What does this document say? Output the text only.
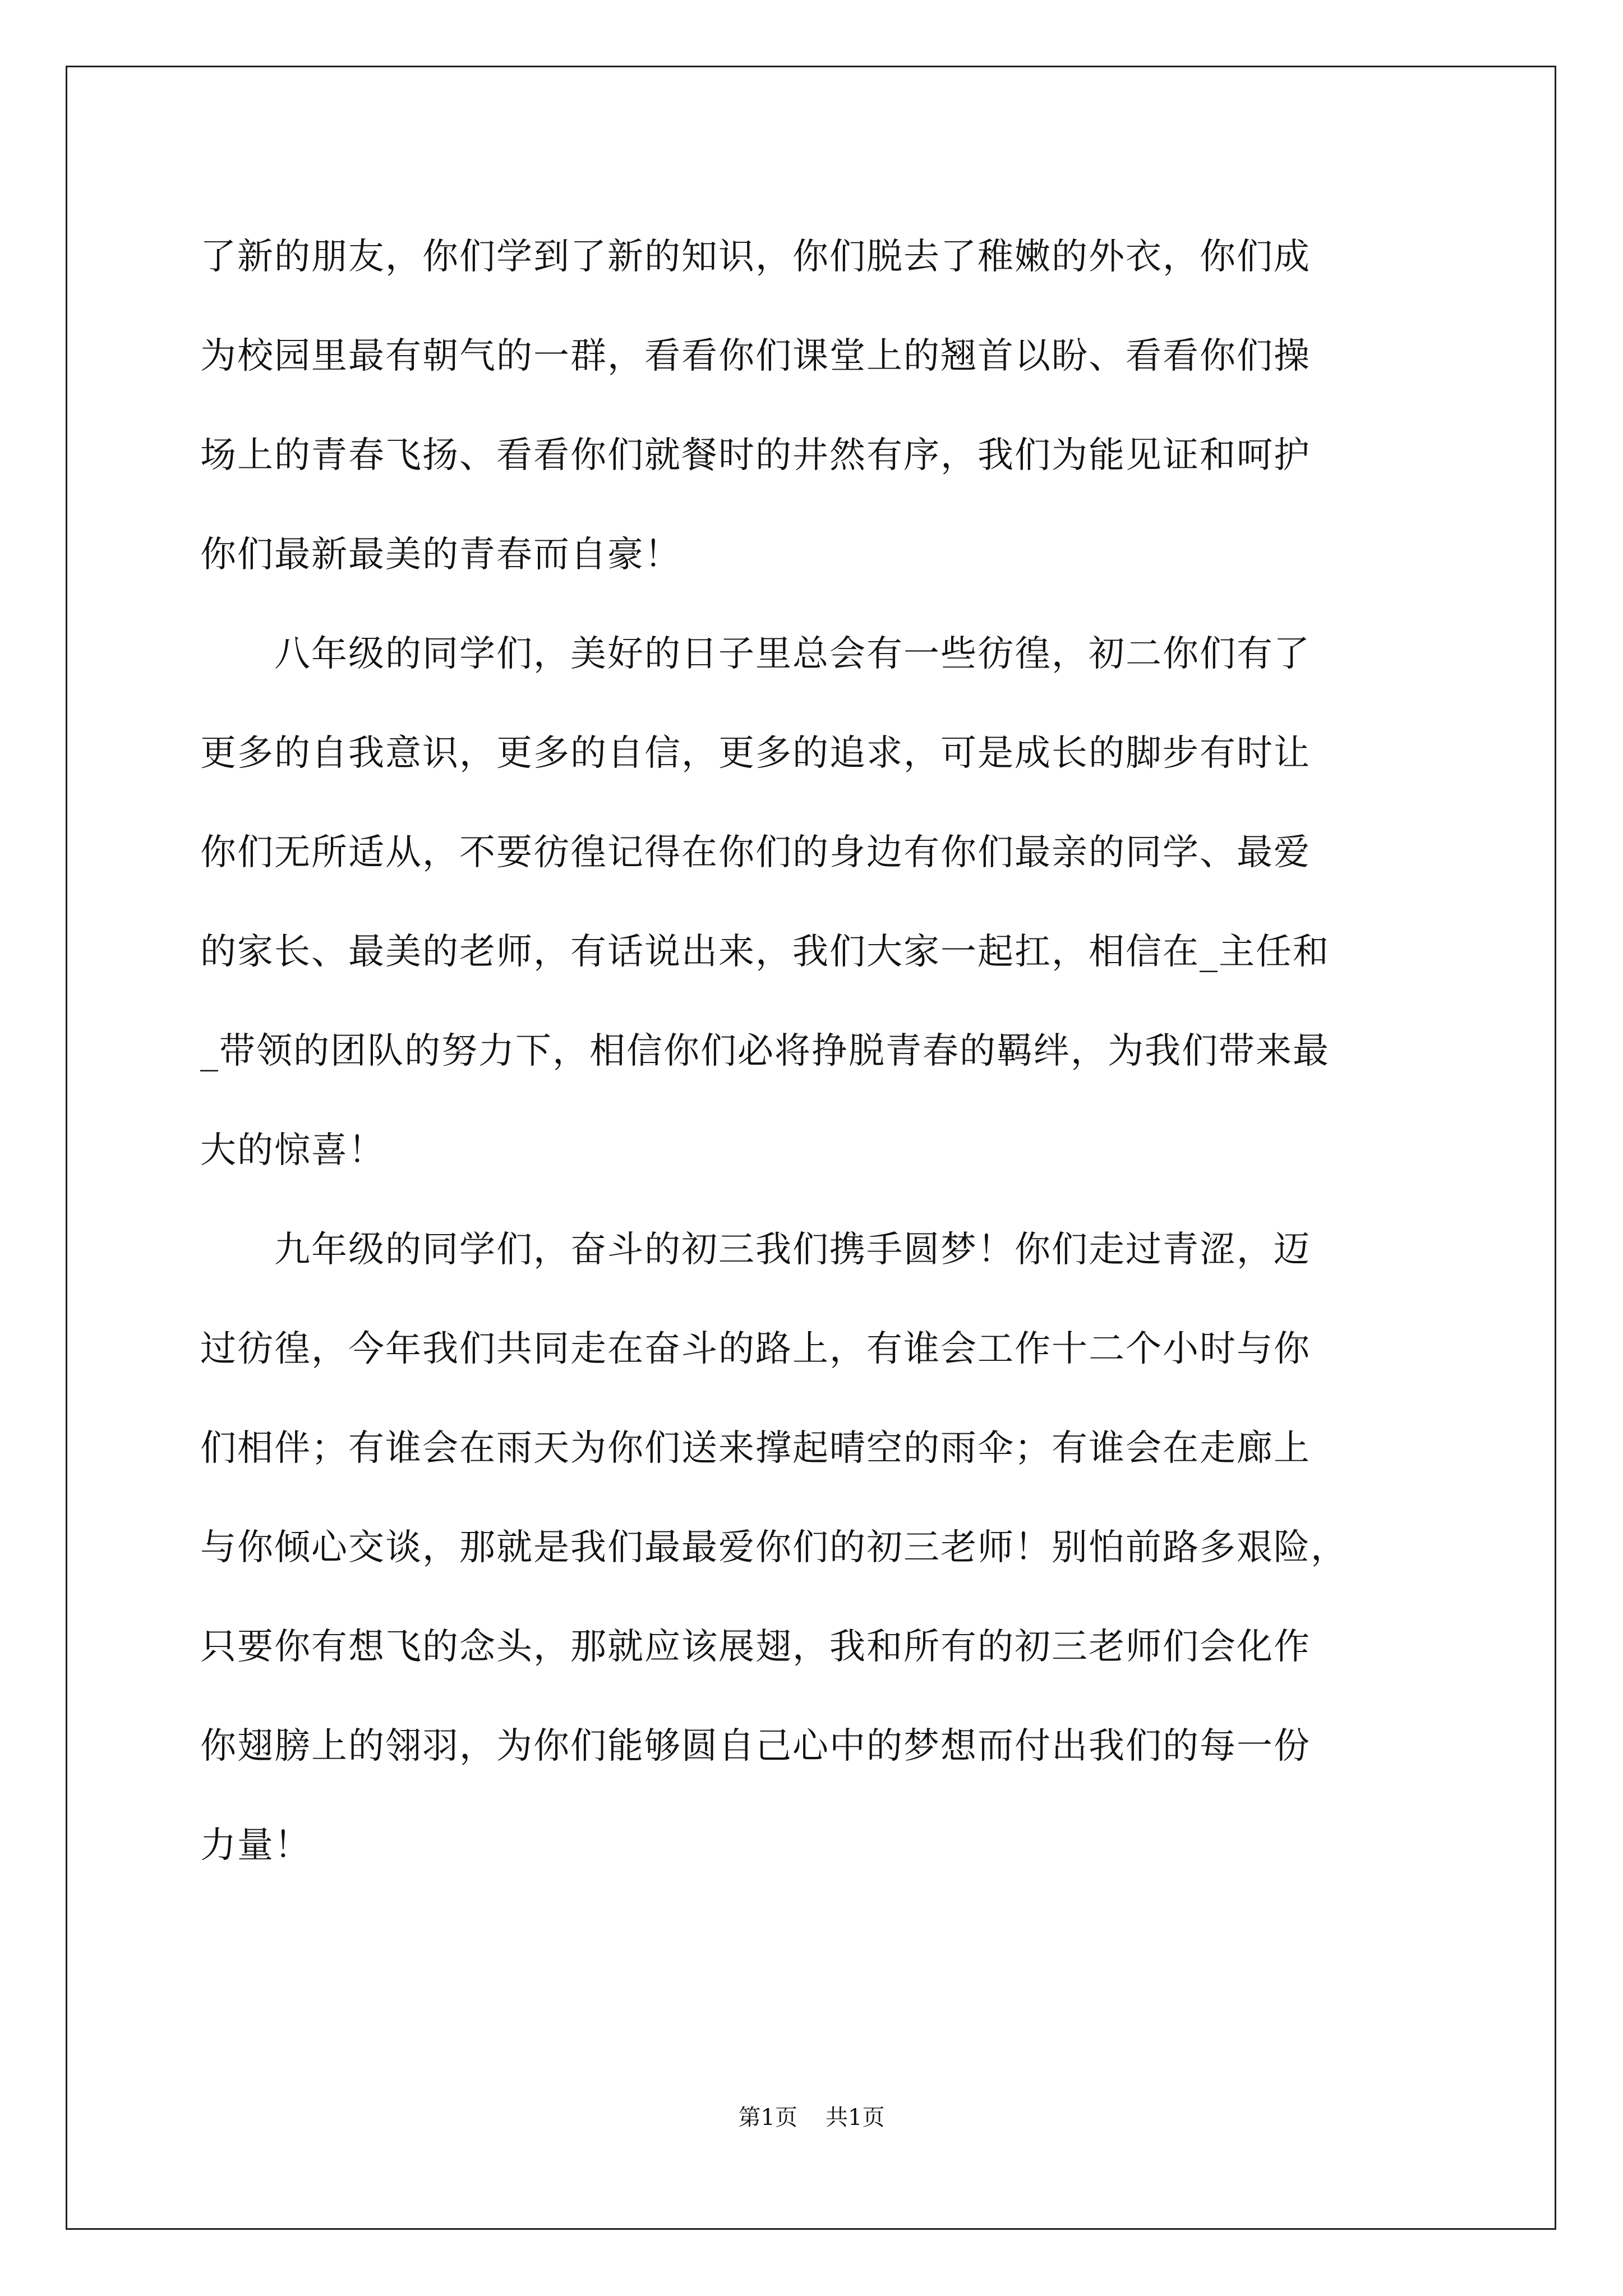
了新的朋友，你们学到了新的知识，你们脱去了稚嫩的外衣，你们成
为校园里最有朝气的一群，看看你们课堂上的翘首以盼、看看你们操
场上的青春飞扬、看看你们就餐时的井然有序，我们为能见证和呵护
你们最新最美的青春而自豪！
　　八年级的同学们，美好的日子里总会有一些彷徨，初二你们有了
更多的自我意识，更多的自信，更多的追求，可是成长的脚步有时让
你们无所适从，不要彷徨记得在你们的身边有你们最亲的同学、最爱
的家长、最美的老师，有话说出来，我们大家一起扛，相信在_主任和
_带领的团队的努力下，相信你们必将挣脱青春的羁绊，为我们带来最
大的惊喜！
　　九年级的同学们，奋斗的初三我们携手圆梦！你们走过青涩，迈
过彷徨，今年我们共同走在奋斗的路上，有谁会工作十二个小时与你
们相伴；有谁会在雨天为你们送来撑起晴空的雨伞；有谁会在走廊上
与你倾心交谈，那就是我们最最爱你们的初三老师！别怕前路多艰险，
只要你有想飞的念头，那就应该展翅，我和所有的初三老师们会化作
你翅膀上的翎羽，为你们能够圆自己心中的梦想而付出我们的每一份
力量！
第1页 共1页
